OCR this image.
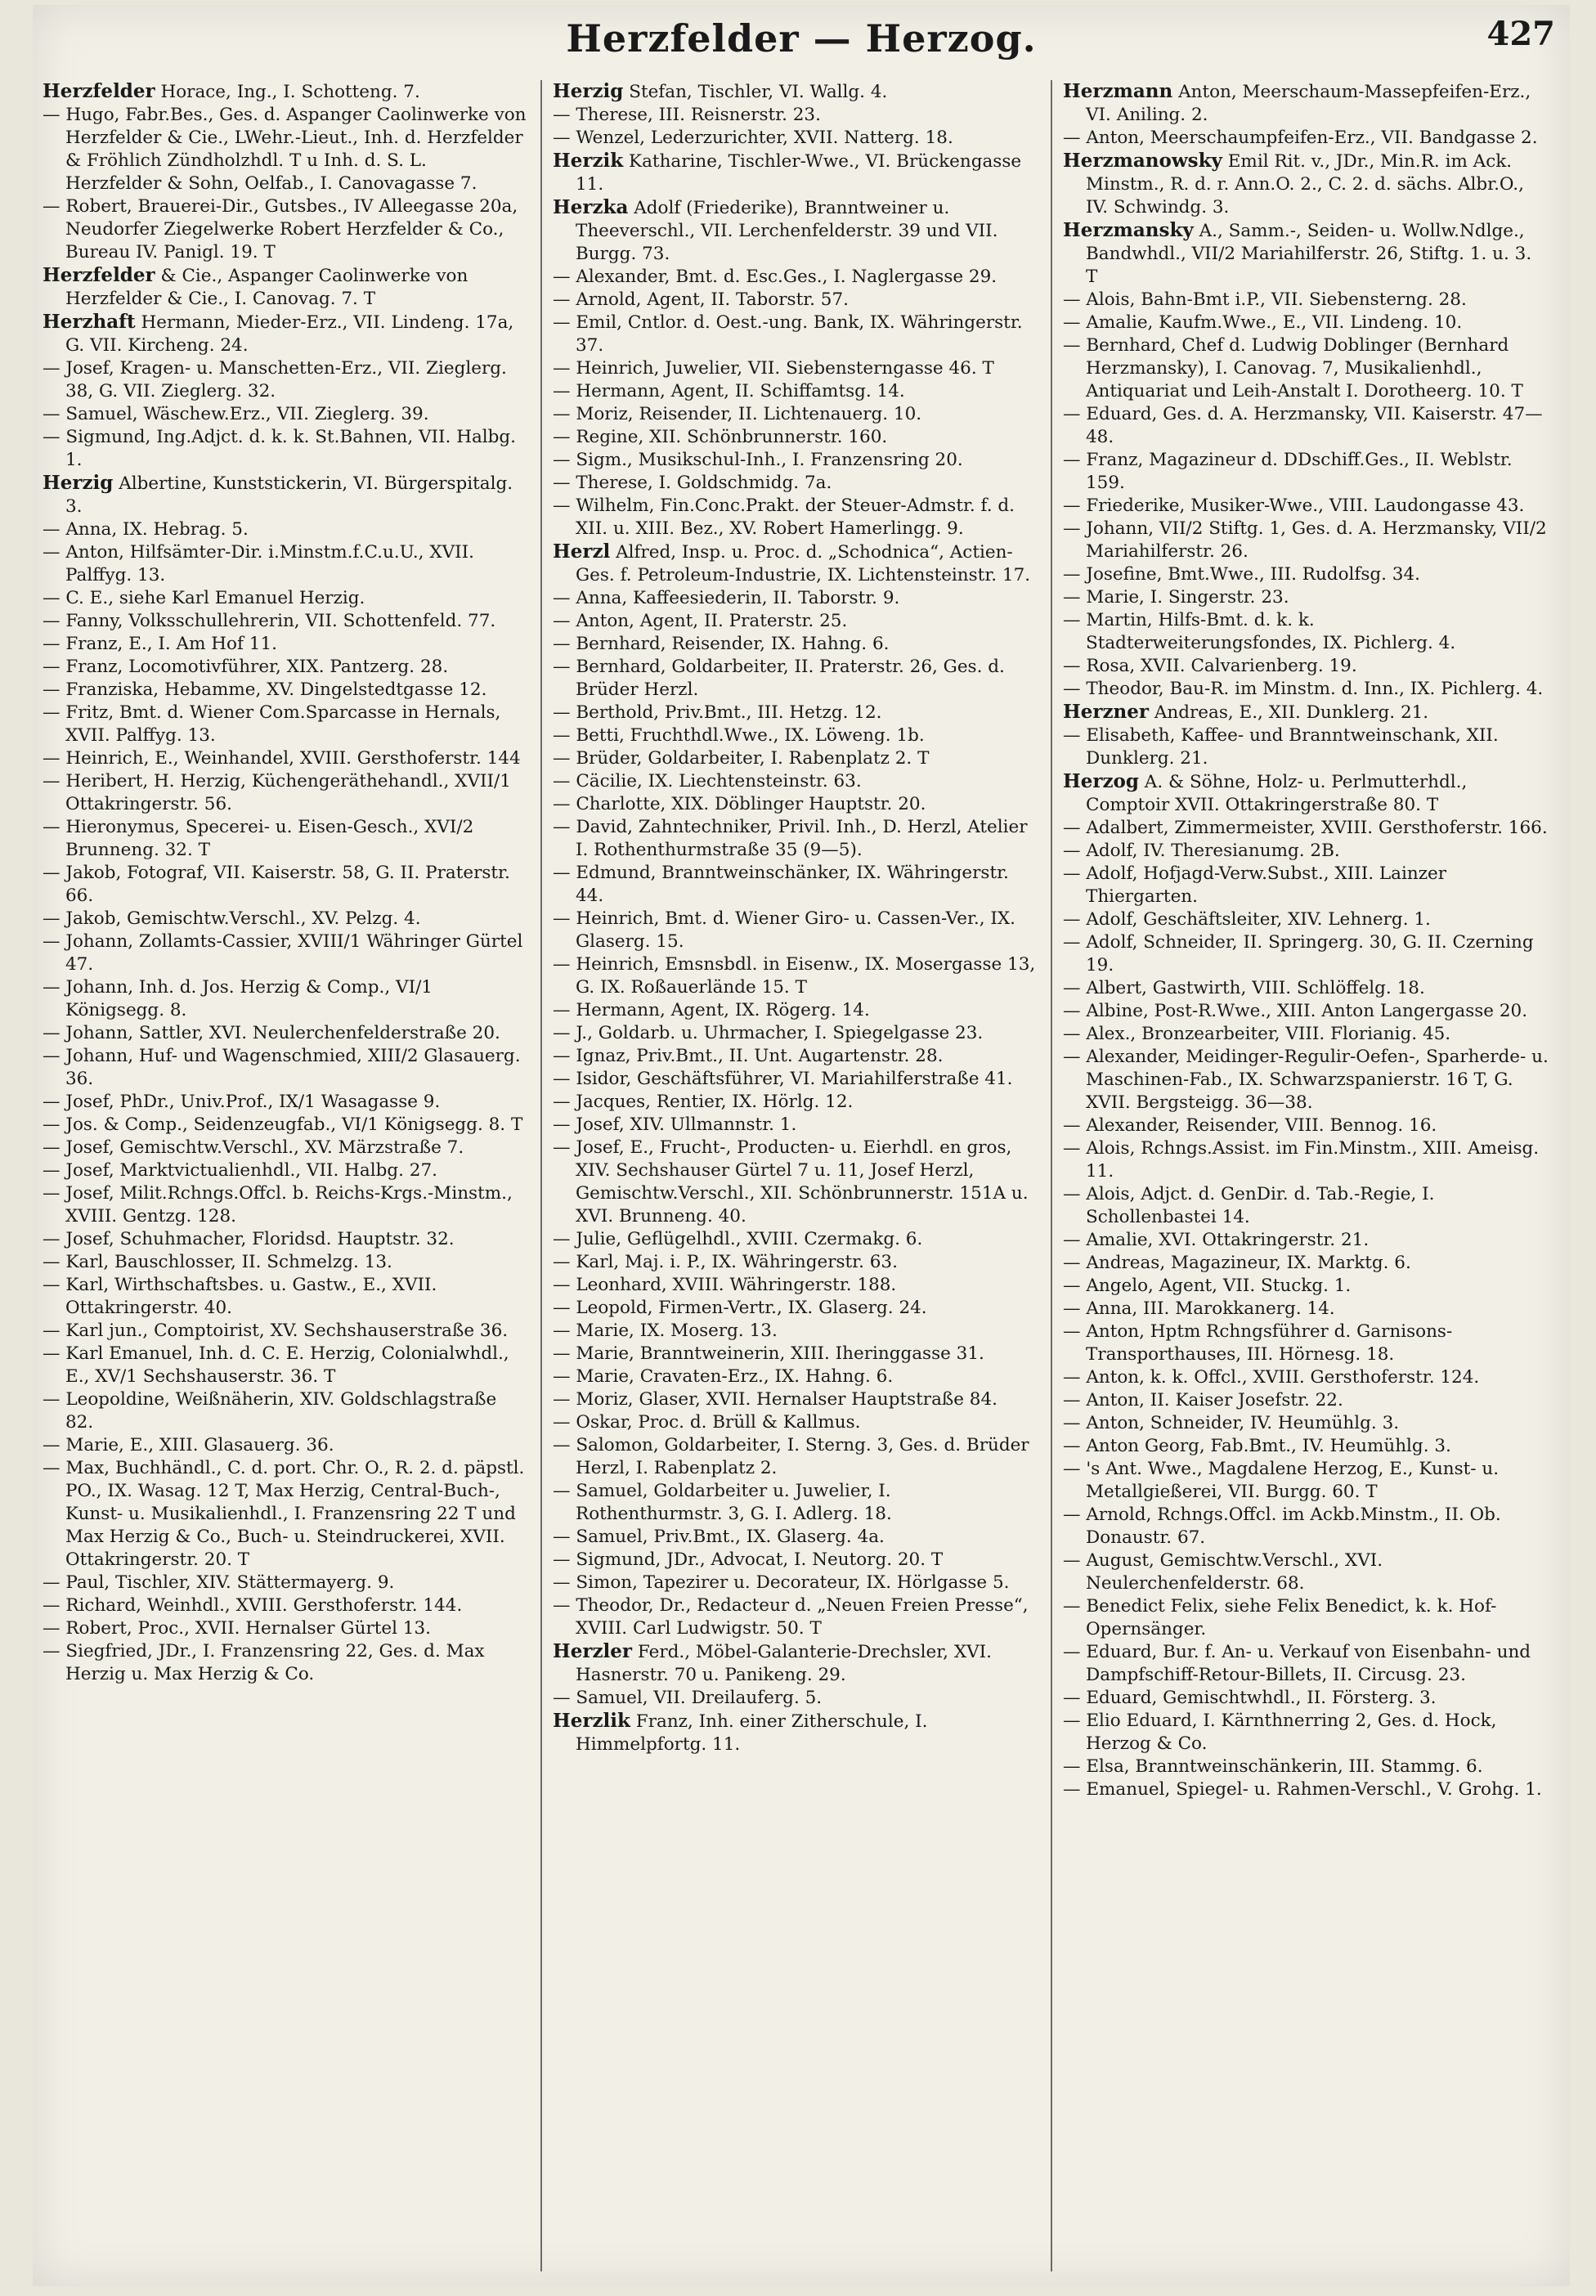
Herzfelder — Herzog.	427

Herzfelder Horace, Ing., I. Schotteng. 7.

— Hugo, Fabr.Bes., Ges. d. Aspanger Caolinwerke von Herzfelder & Cie., LWehr.-Lieut., Inh. d. Herzfelder & Fröhlich Zündholzhdl. T u Inh. d. S. L. Herzfelder & Sohn, Oelfab., I. Canovagasse 7.

— Robert, Brauerei-Dir., Gutsbes., IV Alleegasse 20a, Neudorfer Ziegelwerke Robert Herzfelder & Co., Bureau IV. Panigl. 19. T

Herzfelder & Cie., Aspanger Caolinwerke von Herzfelder & Cie., I. Canovag. 7. T

Herzhaft Hermann, Mieder-Erz., VII. Lindeng. 17a, G. VII. Kircheng. 24.

— Josef, Kragen- u. Manschetten-Erz., VII. Zieglerg. 38, G. VII. Zieglerg. 32.

— Samuel, Wäschew.Erz., VII. Zieglerg. 39.

— Sigmund, Ing.Adjct. d. k. k. St.Bahnen, VII. Halbg. 1.

Herzig Albertine, Kunststickerin, VI. Bürgerspitalg. 3.

— Anna, IX. Hebrag. 5.

— Anton, Hilfsämter-Dir. i.Minstm.f.C.u.U., XVII. Palffyg. 13.

— C. E., siehe Karl Emanuel Herzig.

— Fanny, Volksschullehrerin, VII. Schottenfeld. 77.

— Franz, E., I. Am Hof 11.

— Franz, Locomotivführer, XIX. Pantzerg. 28.

— Franziska, Hebamme, XV. Dingelstedtgasse 12.

— Fritz, Bmt. d. Wiener Com.Sparcasse in Hernals, XVII. Palffyg. 13.

— Heinrich, E., Weinhandel, XVIII. Gersthoferstr. 144

— Heribert, H. Herzig, Küchengeräthehandl., XVII/1 Ottakringerstr. 56.

— Hieronymus, Specerei- u. Eisen-Gesch., XVI/2 Brunneng. 32. T

— Jakob, Fotograf, VII. Kaiserstr. 58, G. II. Praterstr. 66.

— Jakob, Gemischtw.Verschl., XV. Pelzg. 4.

— Johann, Zollamts-Cassier, XVIII/1 Währinger Gürtel 47.

— Johann, Inh. d. Jos. Herzig & Comp., VI/1 Königsegg. 8.

— Johann, Sattler, XVI. Neulerchenfelderstraße 20.

— Johann, Huf- und Wagenschmied, XIII/2 Glasauerg. 36.

— Josef, PhDr., Univ.Prof., IX/1 Wasagasse 9.

— Jos. & Comp., Seidenzeugfab., VI/1 Königsegg. 8. T

— Josef, Gemischtw.Verschl., XV. Märzstraße 7.

— Josef, Marktvictualienhdl., VII. Halbg. 27.

— Josef, Milit.Rchngs.Offcl. b. Reichs-Krgs.-Minstm., XVIII. Gentzg. 128.

— Josef, Schuhmacher, Floridsd. Hauptstr. 32.

— Karl, Bauschlosser, II. Schmelzg. 13.

— Karl, Wirthschaftsbes. u. Gastw., E., XVII. Ottakringerstr. 40.

— Karl jun., Comptoirist, XV. Sechshauserstraße 36.

— Karl Emanuel, Inh. d. C. E. Herzig, Colonialwhdl., E., XV/1 Sechshauserstr. 36. T

— Leopoldine, Weißnäherin, XIV. Goldschlagstraße 82.

— Marie, E., XIII. Glasauerg. 36.

— Max, Buchhändl., C. d. port. Chr. O., R. 2. d. päpstl. PO., IX. Wasag. 12 T, Max Herzig, Central-Buch-, Kunst- u. Musikalienhdl., I. Franzensring 22 T und Max Herzig & Co., Buch- u. Steindruckerei, XVII. Ottakringerstr. 20. T

— Paul, Tischler, XIV. Stättermayerg. 9.

— Richard, Weinhdl., XVIII. Gersthoferstr. 144.

— Robert, Proc., XVII. Hernalser Gürtel 13.

— Siegfried, JDr., I. Franzensring 22, Ges. d. Max Herzig u. Max Herzig & Co.

Herzig Stefan, Tischler, VI. Wallg. 4.

— Therese, III. Reisnerstr. 23.

— Wenzel, Lederzurichter, XVII. Natterg. 18.

Herzik Katharine, Tischler-Wwe., VI. Brückengasse 11.

Herzka Adolf (Friederike), Branntweiner u. Theeverschl., VII. Lerchenfelderstr. 39 und VII. Burgg. 73.

— Alexander, Bmt. d. Esc.Ges., I. Naglergasse 29.

— Arnold, Agent, II. Taborstr. 57.

— Emil, Cntlor. d. Oest.-ung. Bank, IX. Währingerstr. 37.

— Heinrich, Juwelier, VII. Siebensterngasse 46. T

— Hermann, Agent, II. Schiffamtsg. 14.

— Moriz, Reisender, II. Lichtenauerg. 10.

— Regine, XII. Schönbrunnerstr. 160.

— Sigm., Musikschul-Inh., I. Franzensring 20.

— Therese, I. Goldschmidg. 7a.

— Wilhelm, Fin.Conc.Prakt. der Steuer-Admstr. f. d. XII. u. XIII. Bez., XV. Robert Hamerlingg. 9.

Herzl Alfred, Insp. u. Proc. d. „Schodnica“, Actien-Ges. f. Petroleum-Industrie, IX. Lichtensteinstr. 17.

— Anna, Kaffeesiederin, II. Taborstr. 9.

— Anton, Agent, II. Praterstr. 25.

— Bernhard, Reisender, IX. Hahng. 6.

— Bernhard, Goldarbeiter, II. Praterstr. 26, Ges. d. Brüder Herzl.

— Berthold, Priv.Bmt., III. Hetzg. 12.

— Betti, Fruchthdl.Wwe., IX. Löweng. 1b.

— Brüder, Goldarbeiter, I. Rabenplatz 2. T

— Cäcilie, IX. Liechtensteinstr. 63.

— Charlotte, XIX. Döblinger Hauptstr. 20.

— David, Zahntechniker, Privil. Inh., D. Herzl, Atelier I. Rothenthurmstraße 35 (9—5).

— Edmund, Branntweinschänker, IX. Währingerstr. 44.

— Heinrich, Bmt. d. Wiener Giro- u. Cassen-Ver., IX. Glaserg. 15.

— Heinrich, Emsnsbdl. in Eisenw., IX. Mosergasse 13, G. IX. Roßauerlände 15. T

— Hermann, Agent, IX. Rögerg. 14.

— J., Goldarb. u. Uhrmacher, I. Spiegelgasse 23.

— Ignaz, Priv.Bmt., II. Unt. Augartenstr. 28.

— Isidor, Geschäftsführer, VI. Mariahilferstraße 41.

— Jacques, Rentier, IX. Hörlg. 12.

— Josef, XIV. Ullmannstr. 1.

— Josef, E., Frucht-, Producten- u. Eierhdl. en gros, XIV. Sechshauser Gürtel 7 u. 11, Josef Herzl, Gemischtw.Verschl., XII. Schönbrunnerstr. 151A u. XVI. Brunneng. 40.

— Julie, Geflügelhdl., XVIII. Czermakg. 6.

— Karl, Maj. i. P., IX. Währingerstr. 63.

— Leonhard, XVIII. Währingerstr. 188.

— Leopold, Firmen-Vertr., IX. Glaserg. 24.

— Marie, IX. Moserg. 13.

— Marie, Branntweinerin, XIII. Iheringgasse 31.

— Marie, Cravaten-Erz., IX. Hahng. 6.

— Moriz, Glaser, XVII. Hernalser Hauptstraße 84.

— Oskar, Proc. d. Brüll & Kallmus.

— Salomon, Goldarbeiter, I. Sterng. 3, Ges. d. Brüder Herzl, I. Rabenplatz 2.

— Samuel, Goldarbeiter u. Juwelier, I. Rothenthurmstr. 3, G. I. Adlerg. 18.

— Samuel, Priv.Bmt., IX. Glaserg. 4a.

— Sigmund, JDr., Advocat, I. Neutorg. 20. T

— Simon, Tapezirer u. Decorateur, IX. Hörlgasse 5.

— Theodor, Dr., Redacteur d. „Neuen Freien Presse“, XVIII. Carl Ludwigstr. 50. T

Herzler Ferd., Möbel-Galanterie-Drechsler, XVI. Hasnerstr. 70 u. Panikeng. 29.

— Samuel, VII. Dreilauferg. 5.

Herzlik Franz, Inh. einer Zitherschule, I. Himmelpfortg. 11.

Herzmann Anton, Meerschaum-Massepfeifen-Erz., VI. Aniling. 2.

— Anton, Meerschaumpfeifen-Erz., VII. Bandgasse 2.

Herzmanowsky Emil Rit. v., JDr., Min.R. im Ack. Minstm., R. d. r. Ann.O. 2., C. 2. d. sächs. Albr.O., IV. Schwindg. 3.

Herzmansky A., Samm.-, Seiden- u. Wollw.Ndlge., Bandwhdl., VII/2 Mariahilferstr. 26, Stiftg. 1. u. 3. T

— Alois, Bahn-Bmt i.P., VII. Siebensterng. 28.

— Amalie, Kaufm.Wwe., E., VII. Lindeng. 10.

— Bernhard, Chef d. Ludwig Doblinger (Bernhard Herzmansky), I. Canovag. 7, Musikalienhdl., Antiquariat und Leih-Anstalt I. Dorotheerg. 10. T

— Eduard, Ges. d. A. Herzmansky, VII. Kaiserstr. 47—48.

— Franz, Magazineur d. DDschiff.Ges., II. Weblstr. 159.

— Friederike, Musiker-Wwe., VIII. Laudongasse 43.

— Johann, VII/2 Stiftg. 1, Ges. d. A. Herzmansky, VII/2 Mariahilferstr. 26.

— Josefine, Bmt.Wwe., III. Rudolfsg. 34.

— Marie, I. Singerstr. 23.

— Martin, Hilfs-Bmt. d. k. k. Stadterweiterungsfondes, IX. Pichlerg. 4.

— Rosa, XVII. Calvarienberg. 19.

— Theodor, Bau-R. im Minstm. d. Inn., IX. Pichlerg. 4.

Herzner Andreas, E., XII. Dunklerg. 21.

— Elisabeth, Kaffee- und Branntweinschank, XII. Dunklerg. 21.

Herzog A. & Söhne, Holz- u. Perlmutterhdl., Comptoir XVII. Ottakringerstraße 80. T

— Adalbert, Zimmermeister, XVIII. Gersthoferstr. 166.

— Adolf, IV. Theresianumg. 2B.

— Adolf, Hofjagd-Verw.Subst., XIII. Lainzer Thiergarten.

— Adolf, Geschäftsleiter, XIV. Lehnerg. 1.

— Adolf, Schneider, II. Springerg. 30, G. II. Czerning 19.

— Albert, Gastwirth, VIII. Schlöffelg. 18.

— Albine, Post-R.Wwe., XIII. Anton Langergasse 20.

— Alex., Bronzearbeiter, VIII. Florianig. 45.

— Alexander, Meidinger-Regulir-Oefen-, Sparherde- u. Maschinen-Fab., IX. Schwarzspanierstr. 16 T, G. XVII. Bergsteigg. 36—38.

— Alexander, Reisender, VIII. Bennog. 16.

— Alois, Rchngs.Assist. im Fin.Minstm., XIII. Ameisg. 11.

— Alois, Adjct. d. GenDir. d. Tab.-Regie, I. Schollenbastei 14.

— Amalie, XVI. Ottakringerstr. 21.

— Andreas, Magazineur, IX. Marktg. 6.

— Angelo, Agent, VII. Stuckg. 1.

— Anna, III. Marokkanerg. 14.

— Anton, Hptm Rchngsführer d. Garnisons-Transporthauses, III. Hörnesg. 18.

— Anton, k. k. Offcl., XVIII. Gersthoferstr. 124.

— Anton, II. Kaiser Josefstr. 22.

— Anton, Schneider, IV. Heumühlg. 3.

— Anton Georg, Fab.Bmt., IV. Heumühlg. 3.

— 's Ant. Wwe., Magdalene Herzog, E., Kunst- u. Metallgießerei, VII. Burgg. 60. T

— Arnold, Rchngs.Offcl. im Ackb.Minstm., II. Ob. Donaustr. 67.

— August, Gemischtw.Verschl., XVI. Neulerchenfelderstr. 68.

— Benedict Felix, siehe Felix Benedict, k. k. Hof-Opernsänger.

— Eduard, Bur. f. An- u. Verkauf von Eisenbahn- und Dampfschiff-Retour-Billets, II. Circusg. 23.

— Eduard, Gemischtwhdl., II. Försterg. 3.

— Elio Eduard, I. Kärnthnerring 2, Ges. d. Hock, Herzog & Co.

— Elsa, Branntweinschänkerin, III. Stammg. 6.

— Emanuel, Spiegel- u. Rahmen-Verschl., V. Grohg. 1.
